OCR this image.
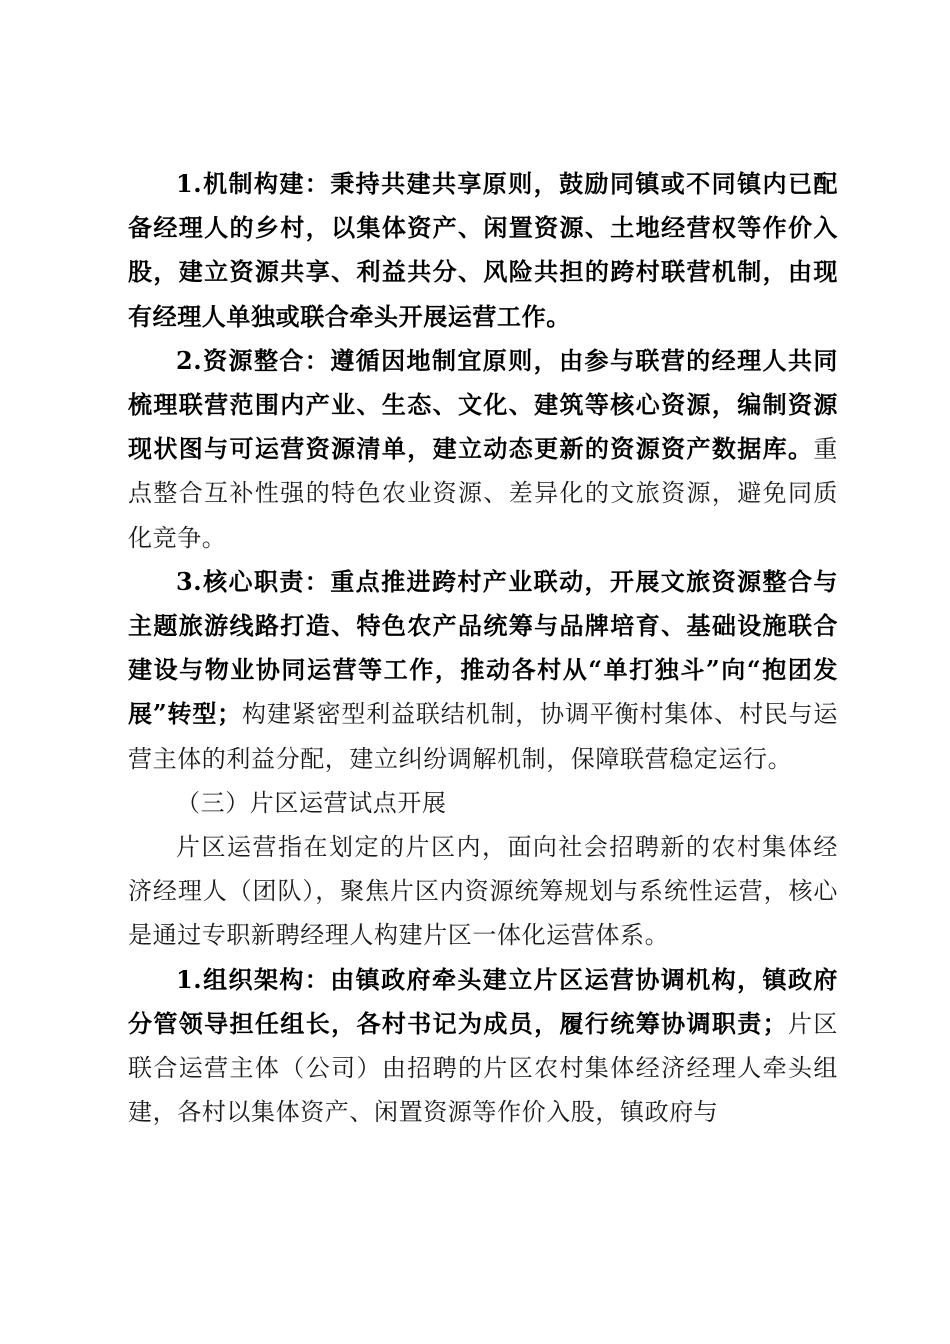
1.机制构建：秉持共建共享原则，鼓励同镇或不同镇内已配备经理人的乡村，以集体资产、闲置资源、土地经营权等作价入股，建立资源共享、利益共分、风险共担的跨村联营机制，由现有经理人单独或联合牵头开展运营工作。

2.资源整合：遵循因地制宜原则，由参与联营的经理人共同梳理联营范围内产业、生态、文化、建筑等核心资源，编制资源现状图与可运营资源清单，建立动态更新的资源资产数据库。重点整合互补性强的特色农业资源、差异化的文旅资源，避免同质化竞争。

3.核心职责：重点推进跨村产业联动，开展文旅资源整合与主题旅游线路打造、特色农产品统筹与品牌培育、基础设施联合建设与物业协同运营等工作，推动各村从“单打独斗”向“抱团发展”转型；构建紧密型利益联结机制，协调平衡村集体、村民与运营主体的利益分配，建立纠纷调解机制，保障联营稳定运行。

（三）片区运营试点开展

片区运营指在划定的片区内，面向社会招聘新的农村集体经济经理人（团队），聚焦片区内资源统筹规划与系统性运营，核心是通过专职新聘经理人构建片区一体化运营体系。

1.组织架构：由镇政府牵头建立片区运营协调机构，镇政府分管领导担任组长，各村书记为成员，履行统筹协调职责；片区联合运营主体（公司）由招聘的片区农村集体经济经理人牵头组建，各村以集体资产、闲置资源等作价入股，镇政府与
